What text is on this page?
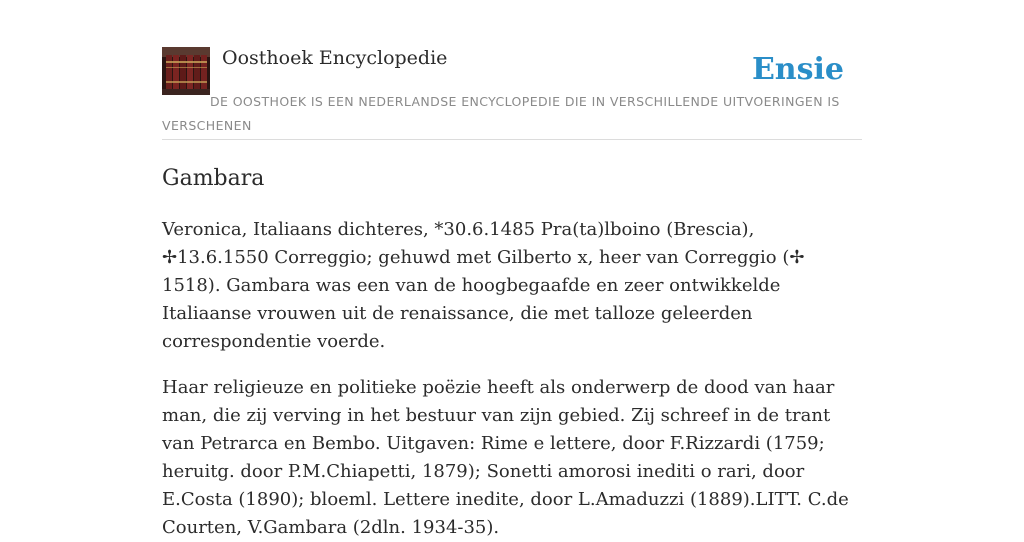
Oosthoek Encyclopedie	Ensie
DE OOSTHOEK IS EEN NEDERLANDSE ENCYCLOPEDIE DIE IN VERSCHILLENDE UITVOERINGEN IS VERSCHENEN
Gambara

Veronica, Italiaans dichteres, *30.6.1485 Pra(ta)lboino (Brescia), ✢13.6.1550 Correggio; gehuwd met Gilberto x, heer van Correggio (✢ 1518). Gambara was een van de hoogbegaafde en zeer ontwikkelde Italiaanse vrouwen uit de renaissance, die met talloze geleerden correspondentie voerde.

Haar religieuze en politieke poëzie heeft als onderwerp de dood van haar man, die zij verving in het bestuur van zijn gebied. Zij schreef in de trant van Petrarca en Bembo. Uitgaven: Rime e lettere, door F.Rizzardi (1759; heruitg. door P.M.Chiapetti, 1879); Sonetti amorosi inediti o rari, door E.Costa (1890); bloeml. Lettere inedite, door L.Amaduzzi (1889).LITT. C.de Courten, V.Gambara (2dln. 1934-35).
